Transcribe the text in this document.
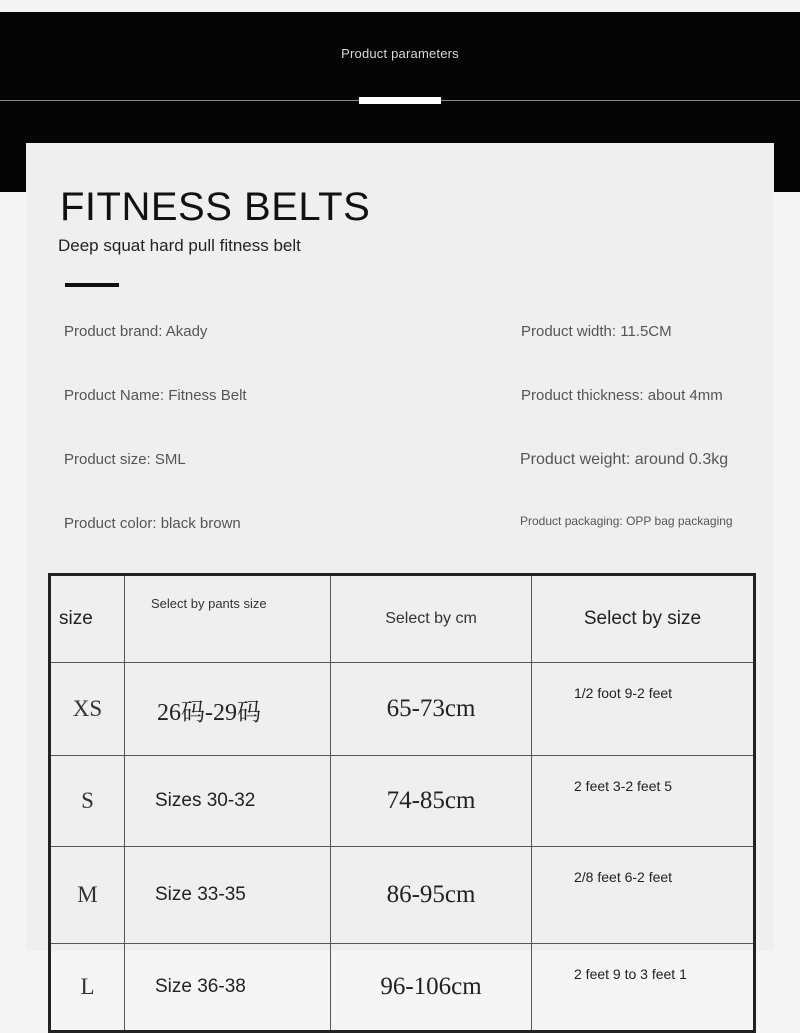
Product parameters
FITNESS BELTS
Deep squat hard pull fitness belt
Product brand: Akady
Product Name: Fitness Belt
Product size: SML
Product color: black brown
Product width: 11.5CM
Product thickness: about 4mm
Product weight: around 0.3kg
Product packaging: OPP bag packaging
size	Select by pants size	Select by cm	Select by size
XS	26码-29码	65-73cm	1/2 foot 9-2 feet
S	Sizes 30-32	74-85cm	2 feet 3-2 feet 5
M	Size 33-35	86-95cm	2/8 feet 6-2 feet
L	Size 36-38	96-106cm	2 feet 9 to 3 feet 1
